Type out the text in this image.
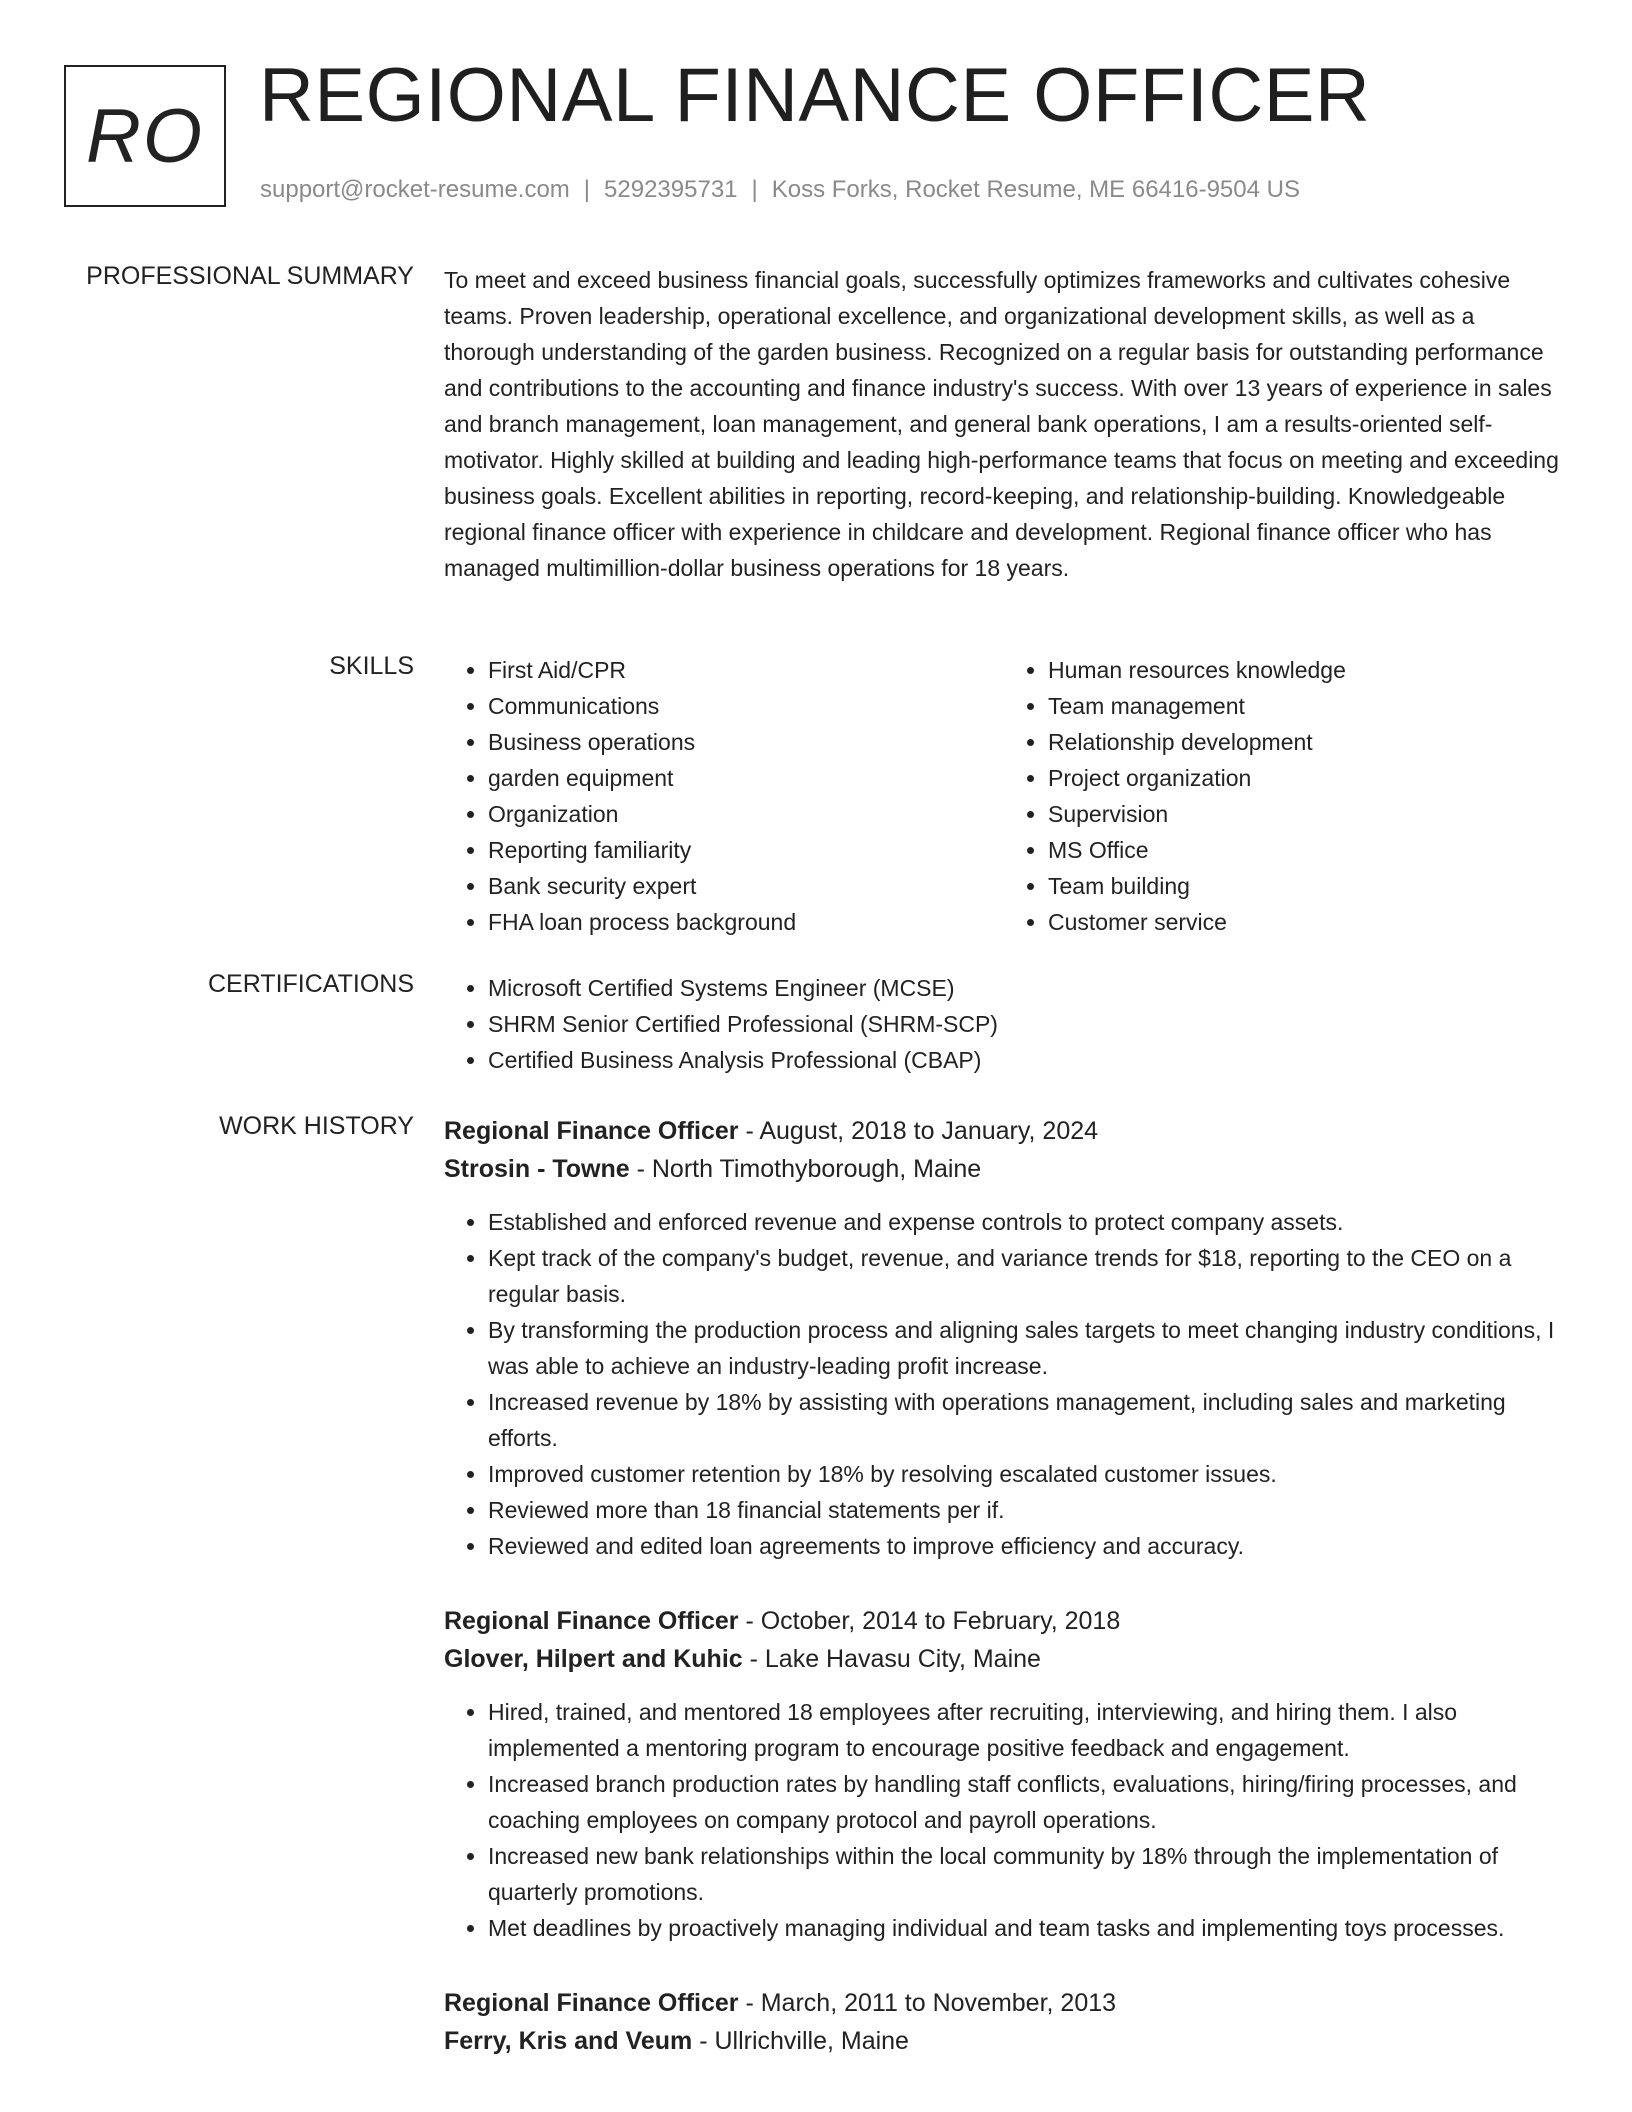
RO REGIONAL FINANCE OFFICER
support@rocket-resume.com | 5292395731 | Koss Forks, Rocket Resume, ME 66416-9504 US
PROFESSIONAL SUMMARY To meet and exceed business financial goals, successfully optimizes frameworks and cultivates cohesive teams. Proven leadership, operational excellence, and organizational development skills, as well as a thorough understanding of the garden business. Recognized on a regular basis for outstanding performance and contributions to the accounting and finance industry's success. With over 13 years of experience in sales and branch management, loan management, and general bank operations, I am a results-oriented self-motivator. Highly skilled at building and leading high-performance teams that focus on meeting and exceeding business goals. Excellent abilities in reporting, record-keeping, and relationship-building. Knowledgeable regional finance officer with experience in childcare and development. Regional finance officer who has managed multimillion-dollar business operations for 18 years.

SKILLS	• First Aid/CPR
• Communications
• Business operations
• garden equipment
• Organization
• Reporting familiarity
• Bank security expert
• FHA loan process background
• Human resources knowledge
• Team management
• Relationship development
• Project organization
• Supervision
• MS Office
• Team building
• Customer service
CERTIFICATIONS	• Microsoft Certified Systems Engineer (MCSE)
• SHRM Senior Certified Professional (SHRM-SCP)
• Certified Business Analysis Professional (CBAP)
WORK HISTORY Regional Finance Officer - August, 2018 to January, 2024
Strosin - Towne - North Timothyborough, Maine
• Established and enforced revenue and expense controls to protect company assets.
• Kept track of the company's budget, revenue, and variance trends for $18, reporting to the CEO on a regular basis.
• By transforming the production process and aligning sales targets to meet changing industry conditions, I was able to achieve an industry-leading profit increase.
• Increased revenue by 18% by assisting with operations management, including sales and marketing efforts.
• Improved customer retention by 18% by resolving escalated customer issues.
• Reviewed more than 18 financial statements per if.
• Reviewed and edited loan agreements to improve efficiency and accuracy.
Regional Finance Officer - October, 2014 to February, 2018
Glover, Hilpert and Kuhic - Lake Havasu City, Maine
• Hired, trained, and mentored 18 employees after recruiting, interviewing, and hiring them. I also implemented a mentoring program to encourage positive feedback and engagement.
• Increased branch production rates by handling staff conflicts, evaluations, hiring/firing processes, and coaching employees on company protocol and payroll operations.
• Increased new bank relationships within the local community by 18% through the implementation of quarterly promotions.
• Met deadlines by proactively managing individual and team tasks and implementing toys processes.
Regional Finance Officer - March, 2011 to November, 2013
Ferry, Kris and Veum - Ullrichville, Maine
